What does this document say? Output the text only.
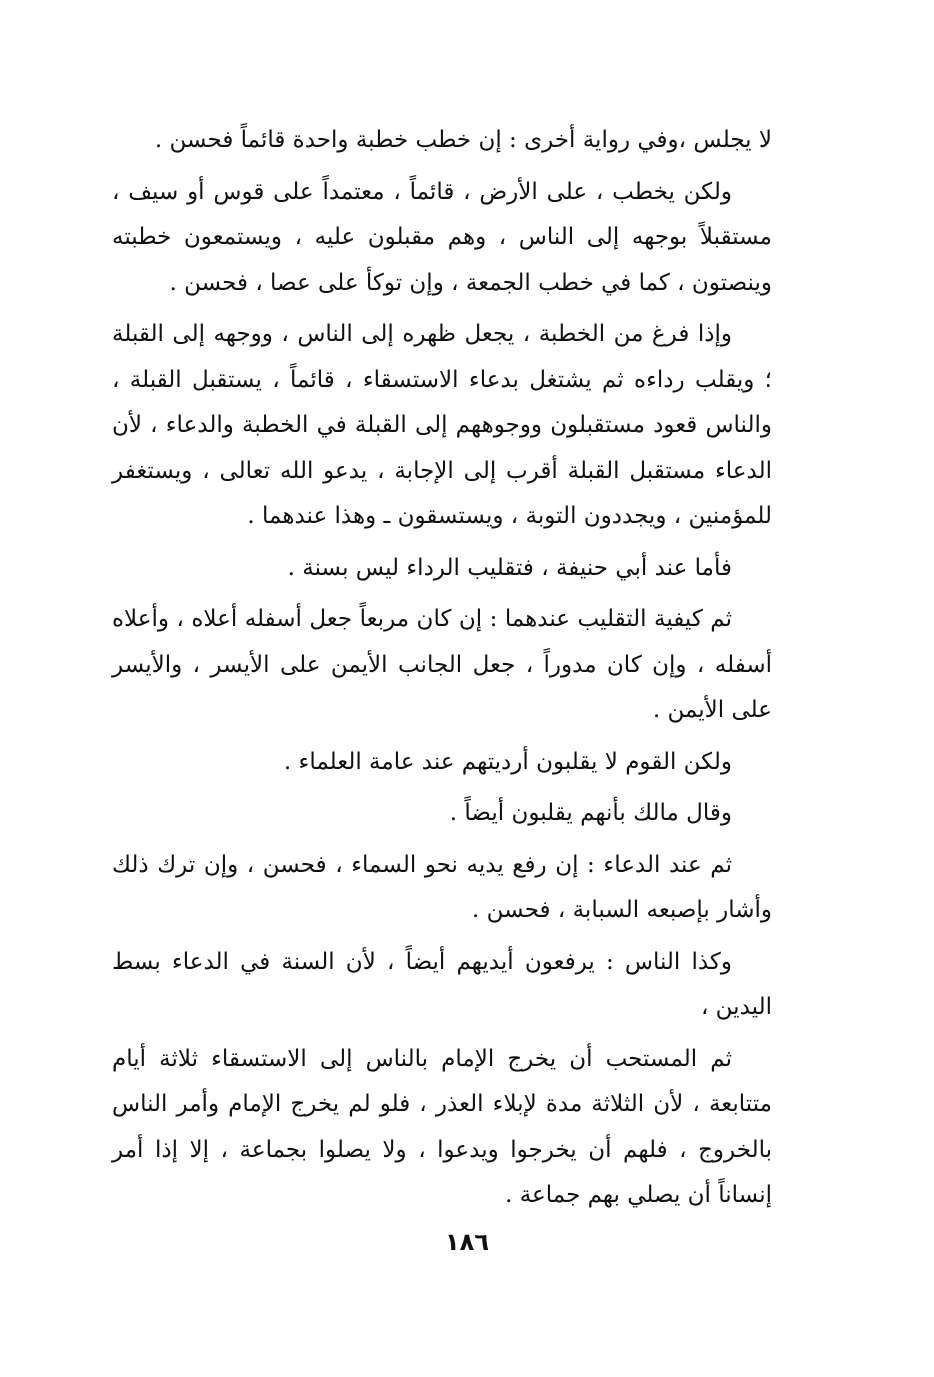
لا يجلس ،وفي رواية أخرى : إن خطب خطبة واحدة قائماً فحسن .

ولكن يخطب ، على الأرض ، قائماً ، معتمداً على قوس أو سيف ، مستقبلاً بوجهه إلى الناس ، وهم مقبلون عليه ، ويستمعون خطبته وينصتون ، كما في خطب الجمعة ، وإن توكأ على عصا ، فحسن .

وإذا فرغ من الخطبة ، يجعل ظهره إلى الناس ، ووجهه إلى القبلة ؛ ويقلب رداءه ثم يشتغل بدعاء الاستسقاء ، قائماً ، يستقبل القبلة ، والناس قعود مستقبلون ووجوههم إلى القبلة في الخطبة والدعاء ، لأن الدعاء مستقبل القبلة أقرب إلى الإجابة ، يدعو الله تعالى ، ويستغفر للمؤمنين ، ويجددون التوبة ، ويستسقون ـ وهذا عندهما .

فأما عند أبي حنيفة ، فتقليب الرداء ليس بسنة .

ثم كيفية التقليب عندهما : إن كان مربعاً جعل أسفله أعلاه ، وأعلاه أسفله ، وإن كان مدوراً ، جعل الجانب الأيمن على الأيسر ، والأيسر على الأيمن .

ولكن القوم لا يقلبون أرديتهم عند عامة العلماء .

وقال مالك بأنهم يقلبون أيضاً .

ثم عند الدعاء : إن رفع يديه نحو السماء ، فحسن ، وإن ترك ذلك وأشار بإصبعه السبابة ، فحسن .

وكذا الناس : يرفعون أيديهم أيضاً ، لأن السنة في الدعاء بسط اليدين ،

ثم المستحب أن يخرج الإمام بالناس إلى الاستسقاء ثلاثة أيام متتابعة ، لأن الثلاثة مدة لإبلاء العذر ، فلو لم يخرج الإمام وأمر الناس بالخروج ، فلهم أن يخرجوا ويدعوا ، ولا يصلوا بجماعة ، إلا إذا أمر إنساناً أن يصلي بهم جماعة .

١٨٦
